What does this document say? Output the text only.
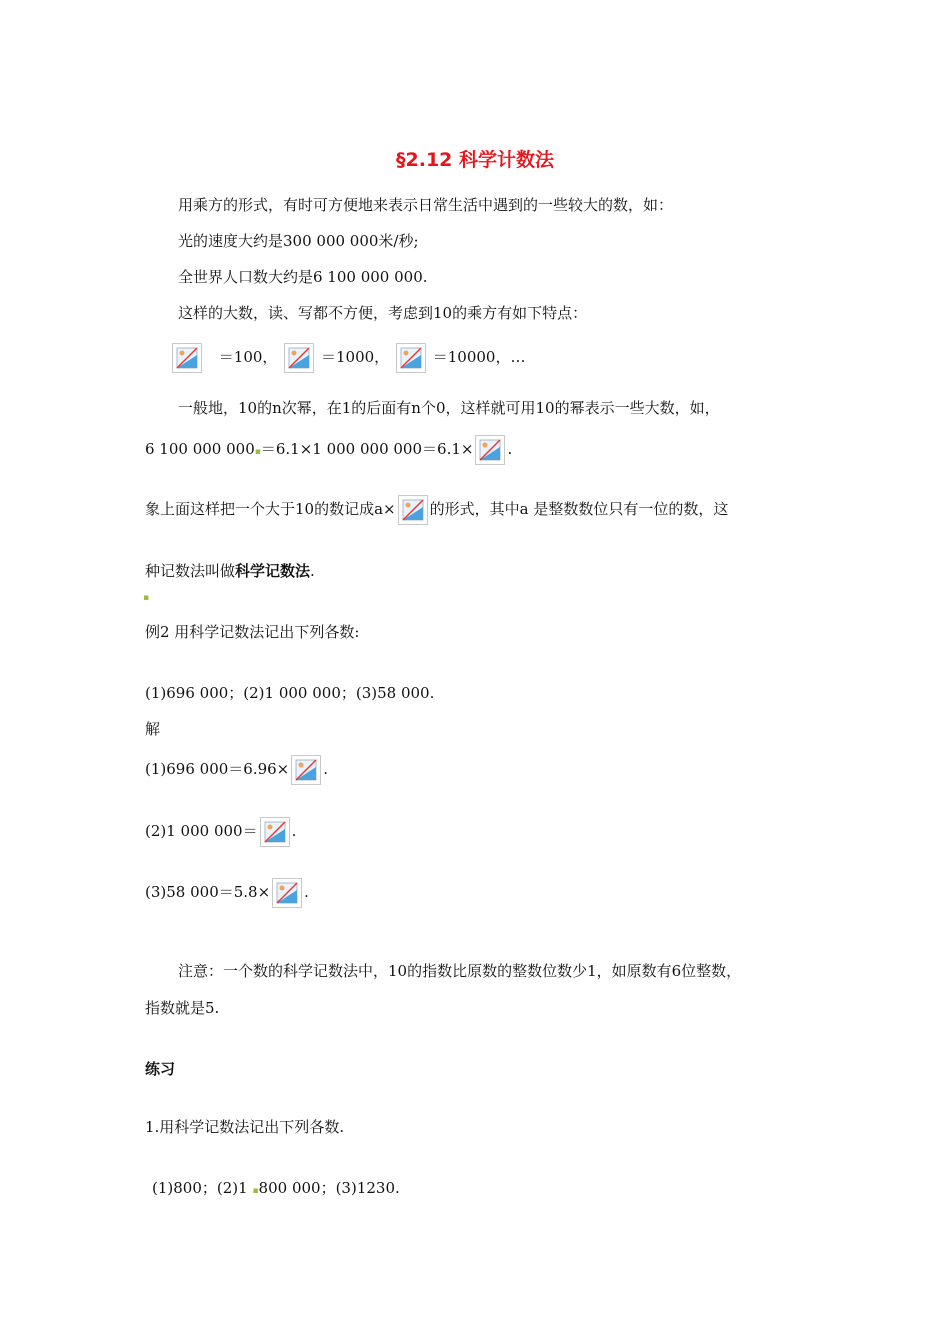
§2.12 科学计数法
用乘方的形式，有时可方便地来表示日常生活中遇到的一些较大的数，如：
光的速度大约是300 000 000米/秒;
全世界人口数大约是6 100 000 000.
这样的大数，读、写都不方便，考虑到10的乘方有如下特点：
＝100，	＝1000，	＝10000，…
一般地，10的n次幂，在1的后面有n个0，这样就可用10的幂表示一些大数，如，
6 100 000 000▪＝6.1×1 000 000 000＝6.1× .
象上面这样把一个大于10的数记成a× 的形式，其中a 是整数数位只有一位的数，这
种记数法叫做科学记数法.
▪
例2 用科学记数法记出下列各数:
(1)696 000；(2)1 000 000；(3)58 000.
解
(1)696 000＝6.96× .
(2)1 000 000＝ .
(3)58 000＝5.8× .
注意：一个数的科学记数法中，10的指数比原数的整数位数少1，如原数有6位整数，
指数就是5.
练习
1.用科学记数法记出下列各数.
(1)800；(2)1 ▪800 000；(3)1230.
